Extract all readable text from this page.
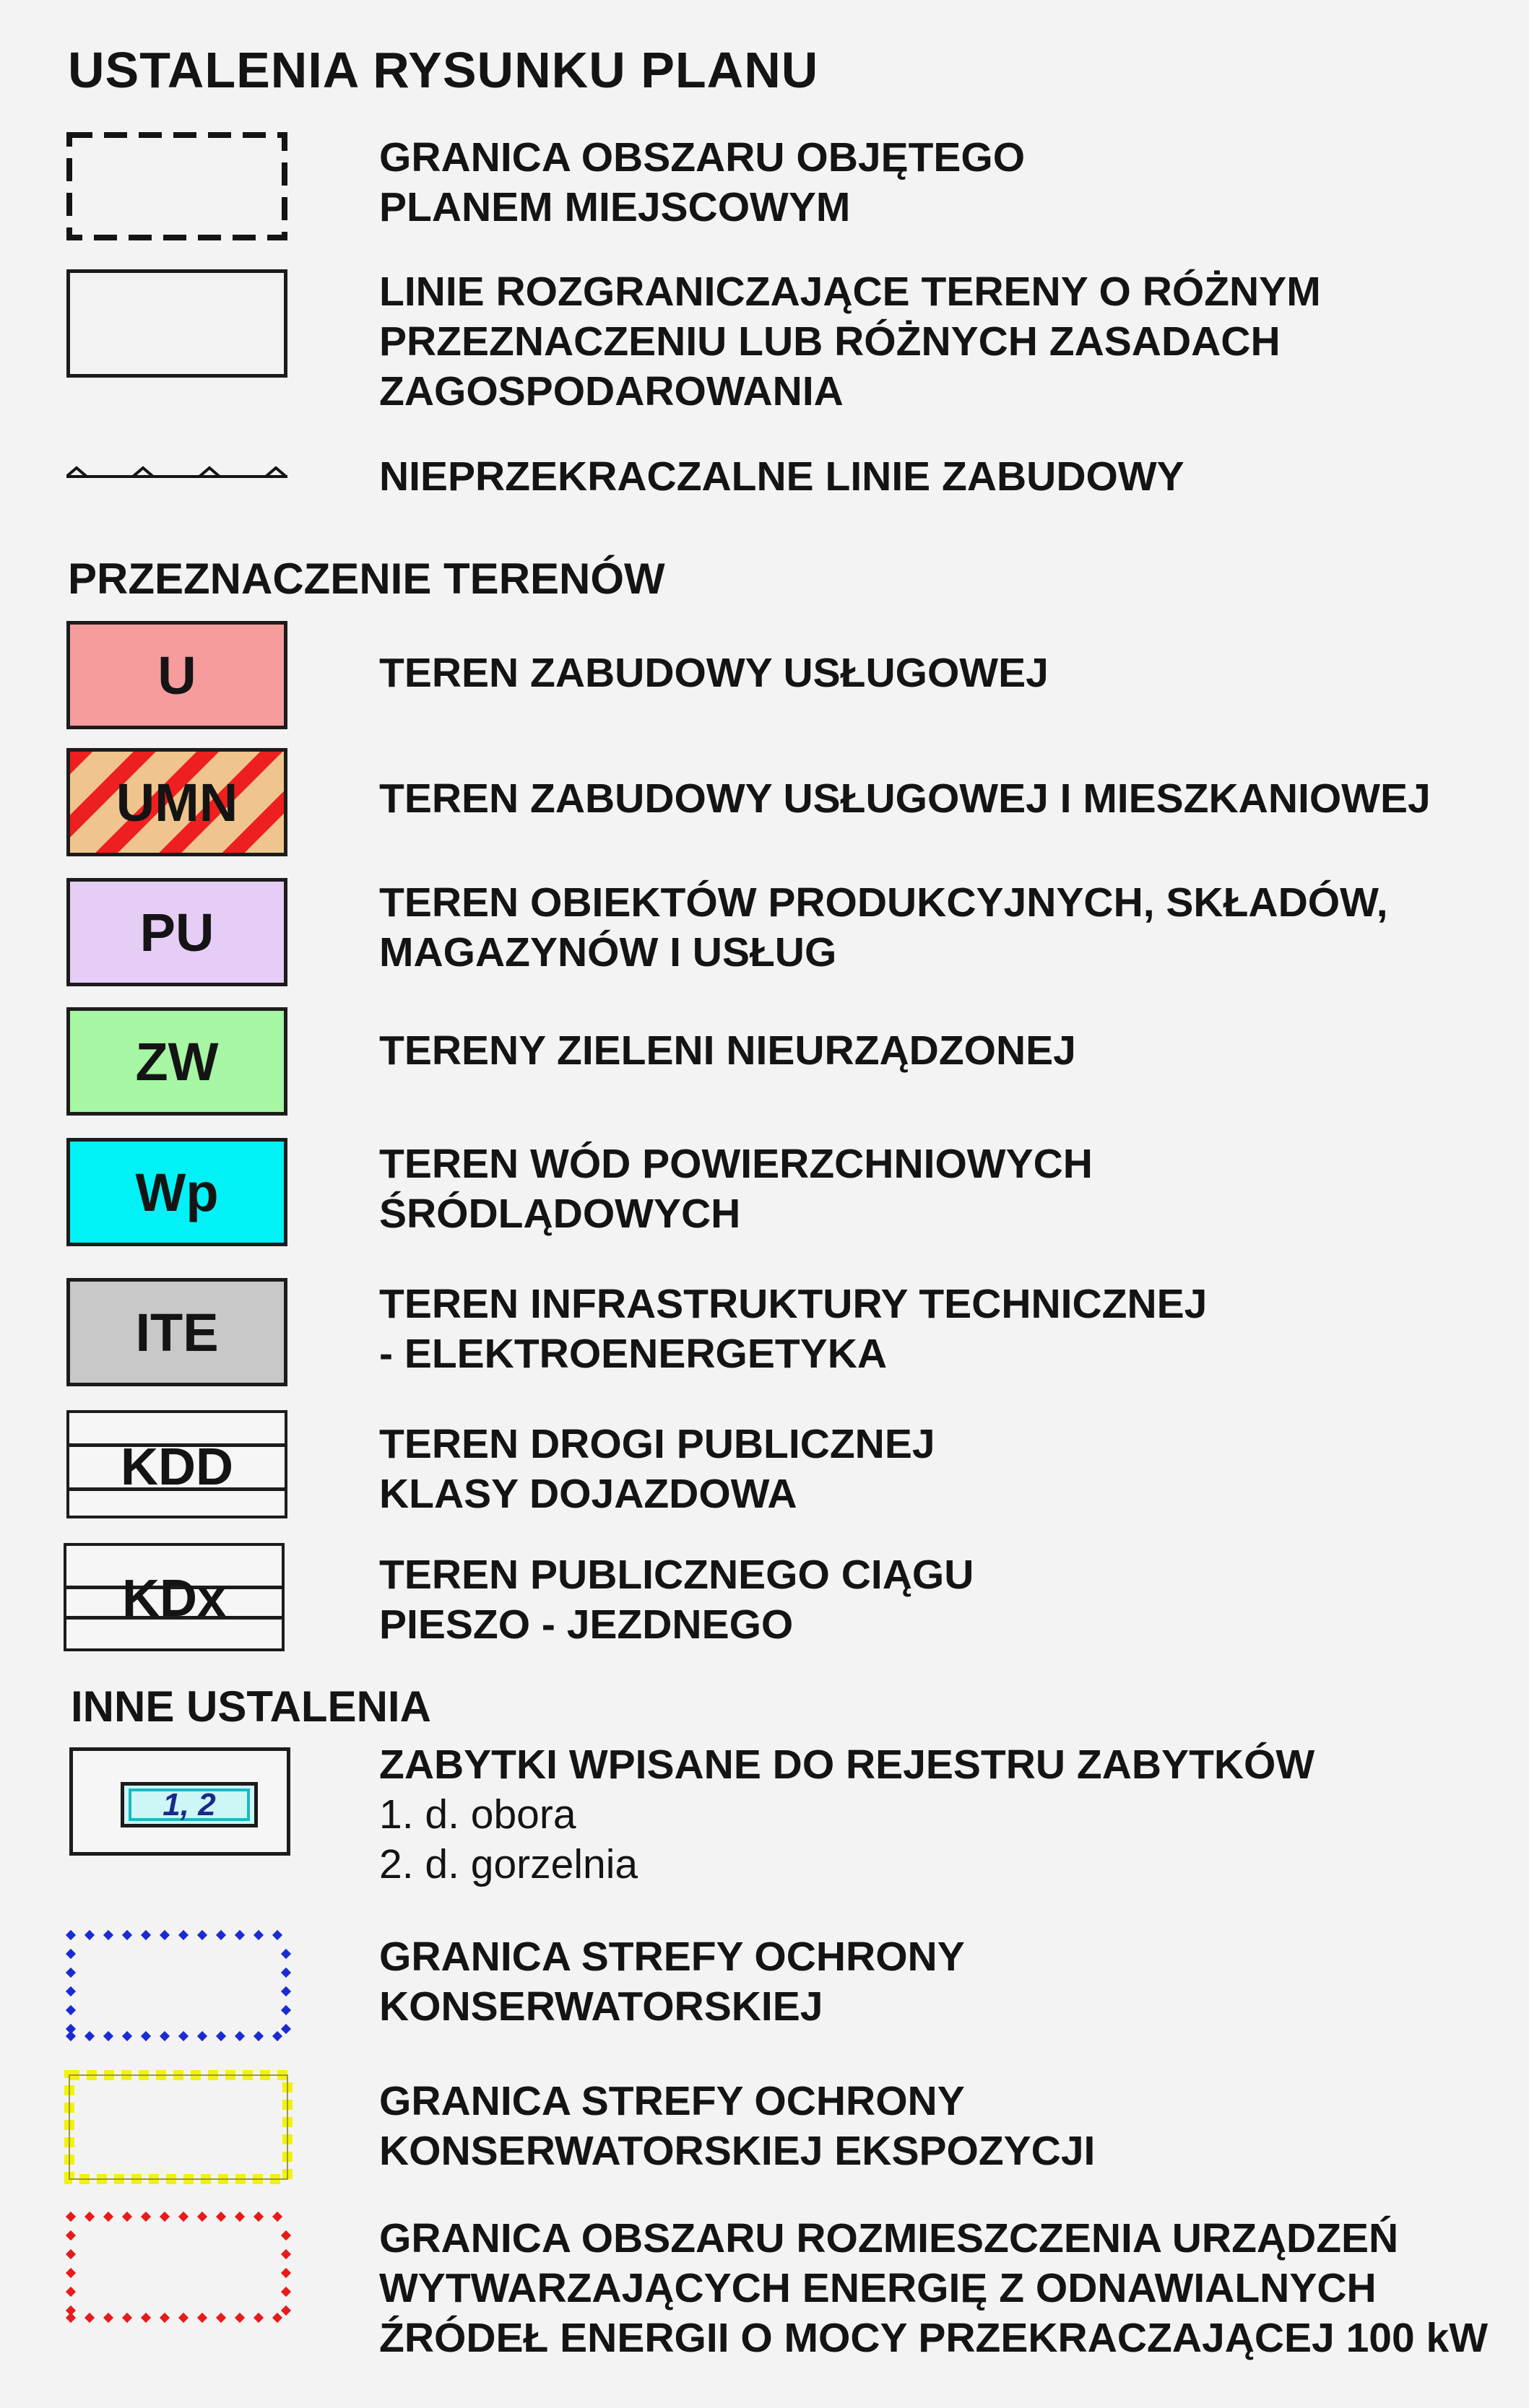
USTALENIA RYSUNKU PLANU
GRANICA OBSZARU OBJĘTEGO
PLANEM MIEJSCOWYM
LINIE ROZGRANICZAJĄCE TERENY O RÓŻNYM
PRZEZNACZENIU LUB RÓŻNYCH ZASADACH
ZAGOSPODAROWANIA
NIEPRZEKRACZALNE LINIE ZABUDOWY
PRZEZNACZENIE TERENÓW
U	TEREN ZABUDOWY USŁUGOWEJ
UMN	TEREN ZABUDOWY USŁUGOWEJ I MIESZKANIOWEJ
PU	TEREN OBIEKTÓW PRODUKCYJNYCH, SKŁADÓW,
MAGAZYNÓW I USŁUG
ZW	TERENY ZIELENI NIEURZĄDZONEJ
Wp	TEREN WÓD POWIERZCHNIOWYCH
ŚRÓDLĄDOWYCH
ITE	TEREN INFRASTRUKTURY TECHNICZNEJ
- ELEKTROENERGETYKA
KDD	TEREN DROGI PUBLICZNEJ
KLASY DOJAZDOWA
KDx	TEREN PUBLICZNEGO CIĄGU
PIESZO - JEZDNEGO
INNE USTALENIA
1, 2
ZABYTKI WPISANE DO REJESTRU ZABYTKÓW
1. d. obora
2. d. gorzelnia
GRANICA STREFY OCHRONY
KONSERWATORSKIEJ
GRANICA STREFY OCHRONY
KONSERWATORSKIEJ EKSPOZYCJI
GRANICA OBSZARU ROZMIESZCZENIA URZĄDZEŃ
WYTWARZAJĄCYCH ENERGIĘ Z ODNAWIALNYCH
ŹRÓDEŁ ENERGII O MOCY PRZEKRACZAJĄCEJ 100 kW
